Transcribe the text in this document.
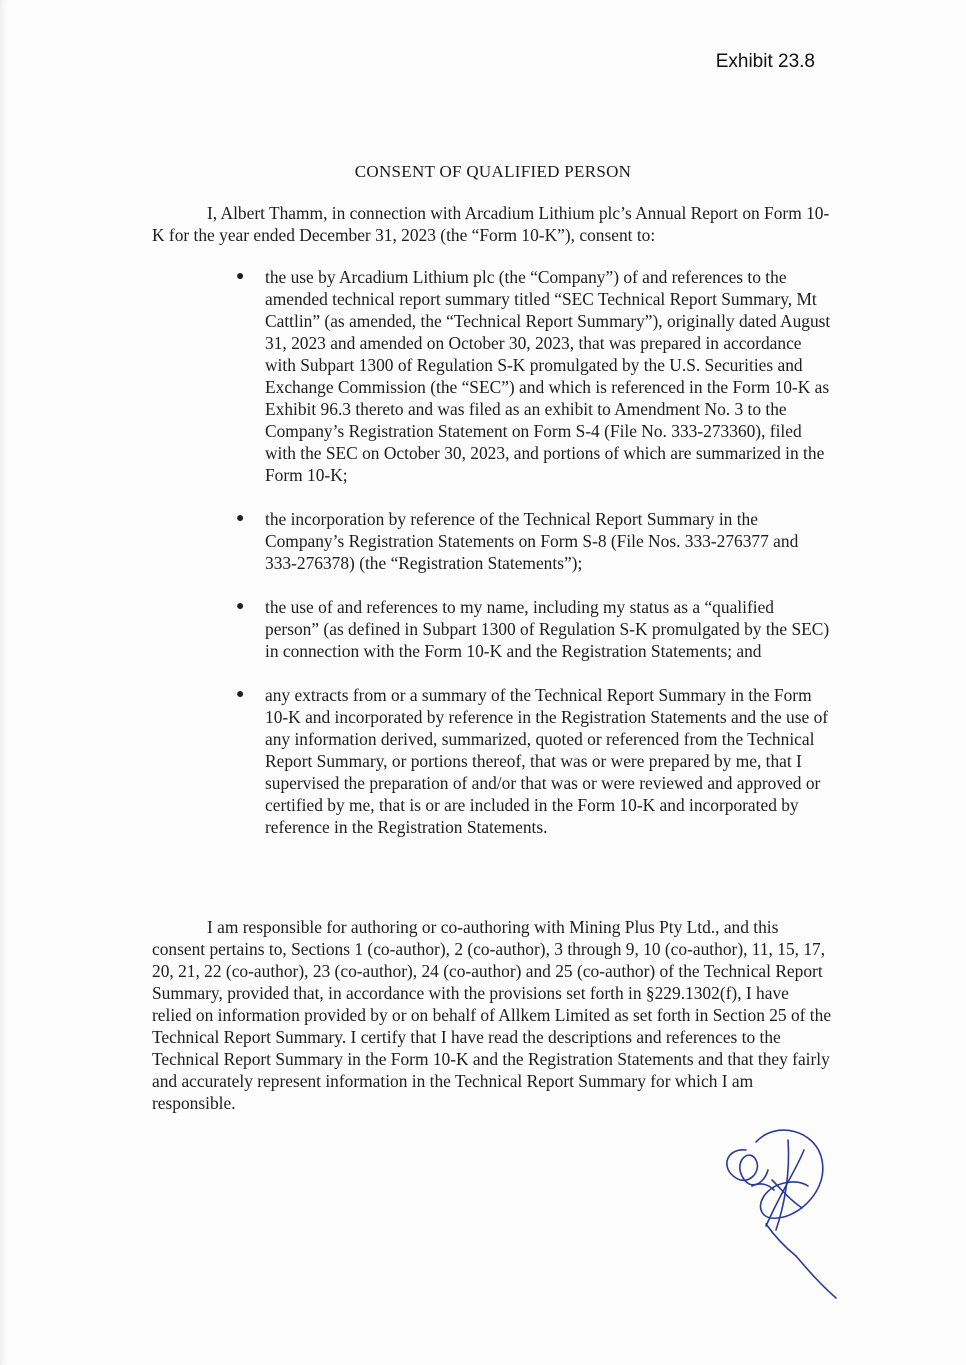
Exhibit 23.8
CONSENT OF QUALIFIED PERSON
I, Albert Thamm, in connection with Arcadium Lithium plc’s Annual Report on Form 10-K for the year ended December 31, 2023 (the “Form 10-K”), consent to:
● the use by Arcadium Lithium plc (the “Company”) of and references to the amended technical report summary titled “SEC Technical Report Summary, Mt Cattlin” (as amended, the “Technical Report Summary”), originally dated August 31, 2023 and amended on October 30, 2023, that was prepared in accordance with Subpart 1300 of Regulation S-K promulgated by the U.S. Securities and Exchange Commission (the “SEC”) and which is referenced in the Form 10-K as Exhibit 96.3 thereto and was filed as an exhibit to Amendment No. 3 to the Company’s Registration Statement on Form S-4 (File No. 333-273360), filed with the SEC on October 30, 2023, and portions of which are summarized in the Form 10-K;
● the incorporation by reference of the Technical Report Summary in the Company’s Registration Statements on Form S-8 (File Nos. 333-276377 and 333-276378) (the “Registration Statements”);
● the use of and references to my name, including my status as a “qualified person” (as defined in Subpart 1300 of Regulation S-K promulgated by the SEC) in connection with the Form 10-K and the Registration Statements; and
● any extracts from or a summary of the Technical Report Summary in the Form 10-K and incorporated by reference in the Registration Statements and the use of any information derived, summarized, quoted or referenced from the Technical Report Summary, or portions thereof, that was or were prepared by me, that I supervised the preparation of and/or that was or were reviewed and approved or certified by me, that is or are included in the Form 10-K and incorporated by reference in the Registration Statements.
I am responsible for authoring or co-authoring with Mining Plus Pty Ltd., and this consent pertains to, Sections 1 (co-author), 2 (co-author), 3 through 9, 10 (co-author), 11, 15, 17, 20, 21, 22 (co-author), 23 (co-author), 24 (co-author) and 25 (co-author) of the Technical Report Summary, provided that, in accordance with the provisions set forth in §229.1302(f), I have relied on information provided by or on behalf of Allkem Limited as set forth in Section 25 of the Technical Report Summary. I certify that I have read the descriptions and references to the Technical Report Summary in the Form 10-K and the Registration Statements and that they fairly and accurately represent information in the Technical Report Summary for which I am responsible.
